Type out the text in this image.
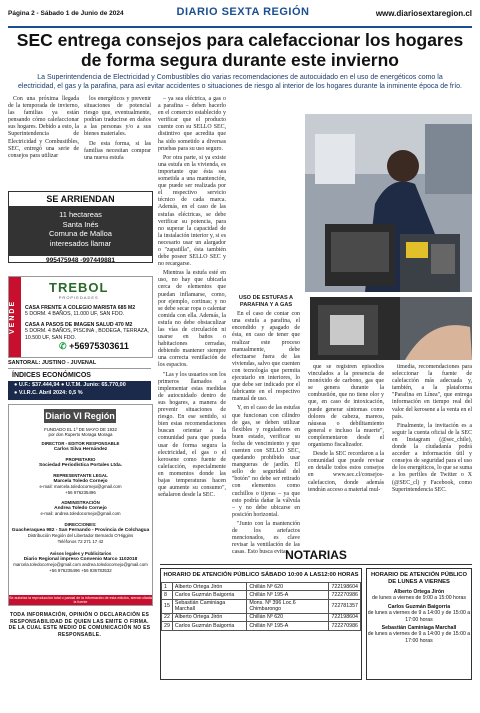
Página 2 - Sábado 1 de Junio de 2024	DIARIO SEXTA REGIÓN	www.diariosextaregion.cl
SEC entrega consejos para calefaccionar los hogares de forma segura durante este invierno
La Superintendencia de Electricidad y Combustibles dio varias recomendaciones de autocuidado en el uso de energéticos como la electricidad, el gas y la parafina, para así evitar accidentes o situaciones de riesgo al interior de los hogares durante la inminente época de frío.

Con una próxima llegada de la temporada de invierno, las familias ya están pensando cómo calefaccionar sus hogares. Debido a esto, la Superintendencia de Electricidad y Combustibles, SEC, entregó una serie de consejos para utilizar

los energéticos y prevenir situaciones de potencial riesgo que, eventualmente, podrían traducirse en daños a las personas y/o a sus bienes materiales.

De esta forma, si las familias necesitan comprar una nueva estufa

– ya sea eléctrica, a gas o a parafina – deben hacerlo en el comercio establecido y verificar que el producto cuente con su SELLO SEC, distintivo que acredita que ha sido sometido a diversas pruebas para su uso seguro.

Por otra parte, si ya existe una estufa en la vivienda, es importante que ésta sea sometida a una mantención, que puede ser realizada por el respectivo servicio técnico de cada marca. Además, en el caso de las estufas eléctricas, se debe verificar su potencia, para no superar la capacidad de la instalación interior y, si es necesario usar un alargador o "zapatilla", ésta también debe poseer SELLO SEC y no recargarse.

Mientras la estufa esté en uso, no hay que ubicarla cerca de elementos que puedan inflamarse, como, por ejemplo, cortinas; y no se debe secar ropa o calentar comida con ella. Además, la estufa no debe obstaculizar las vías de circulación ni usarse en baños o habitaciones cerradas, debiendo mantener siempre una correcta ventilación de los espacios.

"Las y los usuarios son los primeros llamados a implementar estas medidas de autocuidado dentro de sus hogares, a manera de prevenir situaciones de riesgo. En ese sentido, si bien estas recomendaciones buscan orientar a la comunidad para que pueda usar de forma segura la electricidad, el gas o el kerosene como fuente de calefacción, especialmente en momentos donde las bajas temperaturas hacen que aumente su consumo", señalaron desde la SEC.

USO DE ESTUFAS A PARAFINA Y A GAS

En el caso de contar con una estufa a parafina, el encendido y apagado de ésta, en caso de tener que realizar este proceso manualmente, debe efectuarse fuera de las viviendas, salvo que cuenten con tecnología que permita ejecutarlo en interiores, lo que debe ser indicado por el fabricante en el respectivo manual de uso.

Y, en el caso de las estufas que funcionan con cilindro de gas, se deben utilizar flexibles y reguladores en buen estado, verificar su fecha de vencimiento y que cuenten con SELLO SEC, quedando prohibido usar mangueras de jardín. El sello de seguridad del "botón" no debe ser retirado con elementos como cuchillos o tijeras – ya que esto podría dañar la válvula – y no debe ubicarse en posición horizontal.

"Junto con la mantención de los artefactos mencionados, es clave revisar la ventilación de las casas. Esto busca evitar

que se registren episodios vinculados a la presencia de monóxido de carbono, gas que se genera durante la combustión, que no tiene olor y que, en caso de intoxicación, puede generar síntomas como dolores de cabeza, mareos, náuseas o debilitamiento general e incluso la muerte", complementaron desde el organismo fiscalizador.

Desde la SEC recordaron a la comunidad que puede revisar en detalle todos estos consejos en www.sec.cl/consejos-calefaccion, donde además tendrán acceso a material mul-

timedia, recomendaciones para seleccionar la fuente de calefacción más adecuada y, también, a la plataforma "Parafina en Línea", que entrega información en tiempo real del valor del kerosene a la venta en el país.

Finalmente, la invitación es a seguir la cuenta oficial de la SEC en Instagram (@sec_chile), donde la ciudadanía podrá acceder a información útil y consejos de seguridad para el uso de los energéticos, lo que se suma a los perfiles de Twitter o X (@SEC_cl) y Facebook, como Superintendencia SEC.

SE ARRIENDAN
11 hectareas
Santa Inés
Comuna de Malloa
interesados llamar
995475948 -997449881
VENDE
TREBOL
PROPIEDADES
CASA FRENTE A COLEGIO MARISTA 685 M2
5 DORM. 4 BAÑOS, 11.000 UF, SAN FDO.
CASA A PASOS DE IMAGEN SALUD 470 M2
5 DORM. 4 BAÑOS, PISCINA , BODEGA, TERRAZA, 10.500 UF, SAN FDO.
✆ +56975303611
SANTORAL: JUSTINO - JUVENAL
ÍNDICES ECONÓMICOS
● U.F.: $37.444,94 ● U.T.M. Junio: 65.770,00
● V.I.R.C. Abril 2024: 0,5 %
Diario VI Región
FUNDADO EL 1º DE MAYO DE 1932
por don Ruperto Moraga Moraga
DIRECTOR - EDITOR RESPONSABLE
Carlos Silva Hernández
PROPIETARIO
Sociedad Periodística Portales Ltda.
REPRESENTANTE LEGAL
Marcela Toledo Cornejo
e-mail: marcela.toledocornejo@gmail.com
+56 976235496
ADMINISTRACIÓN
Andrea Toledo Cornejo
e-mail: andrea.toledocornejo@gmail.com
DIRECCIONES:
Guacheraquea 982 - San Fernando - Provincia de Colchagua
Distribución Región del Libertador Bernardo O'Higgins
Teléfonos 72 271 17 42
Avisos legales y Publicitarios
Diario Regional impreso Convenio Marco 1102018
marcela.toledocornejo@gmail.com andrea.toledocornejo@gmail.com
+56 976235496 +56 936783532
Se autoriza la reproducción total o parcial de la información de esta edición, siendo citada la fuente
TODA INFORMACIÓN, OPINIÓN O DECLARACIÓN ES RESPONSABILIDAD DE QUIEN LAS EMITE O FIRMA. DE LA CUAL ESTE MEDIO DE COMUNICACIÓN NO ES RESPONSABLE.
NOTARIAS
HORARIO DE ATENCIÓN PÚBLICO SÁBADO 10:00 A LAS12:00 HORAS
1	Alberto Ortega Jirón	Chillán Nº 620	722198604
8	Carlos Guzmán Baigorria	Chillán Nº 195-A	722270986
15	Sebastián Caminiaga Marchall	Mons. Nº 396 Loc.6 Chimbarongo	722781357
22	Alberto Ortega Jirón	Chillán Nº 620	722198604
29	Carlos Guzmán Baigorria	Chillán Nº 195-A	722270986
HORARIO DE ATENCIÓN PÚBLICO DE LUNES A VIERNES
Alberto Ortega Jirón
de lunes a viernes de 9:00 a 15:00 horas
Carlos Guzmán Baigorria
de lunes a viernes de 9 a 14:00 y de 15:00 a 17:00 horas
Sebastián Caminiaga Marchall
de lunes a viernes de 9 a 14:00 y de 15:00 a 17:00 horas
